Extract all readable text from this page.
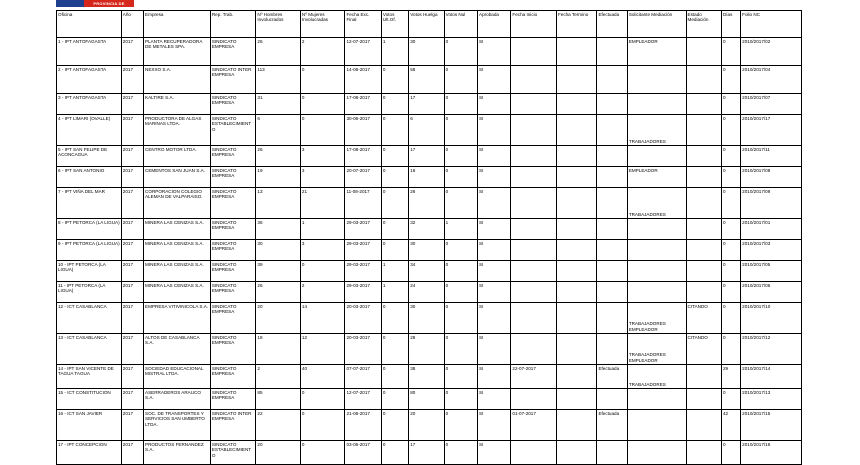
PROVINCIA DE
Oficina	Año	Empresa	Rep. Trab.	Nº Hombres Involucrados	Nº Mujeres Involucradas	Fecha Exc. Final	Votos Ult.Of.	Votos Huelga	Votos Nul	Aprobada	Fecha Inicio	Fecha Termino	Efectuada	Solicitante Mediación	Estado Mediación	Días	Folio NC
1 - IPT ANTOFAGASTA	2017	PLANTA RECUPERADORA DE METALES SPA.	SINDICATO EMPRESA	26	2	12-07-2017	1	30	0	SI				EMPLEADOR		0	2010/2017/02
2 - IPT ANTOFAGASTA	2017	NEXXO S.A.	SINDICATO INTER EMPRESA	113	0	14-06-2017	0	58	0	SI						0	2010/2017/04
3 - IPT ANTOFAGASTA	2017	KALTIRE S.A.	SINDICATO EMPRESA	31	0	17-08-2017	0	17	0	SI						0	2010/2017/07
4 - IPT LIMARI (OVALLE)	2017	PRODUCTORA DE ALGAS MARINAS LTDA.	SINDICATO ESTABLECIMIENTO	6	0	30-06-2017	0	6	0	SI				TRABAJADORES		0	2010/2017/17
5 - IPT SAN FELIPE DE ACONCAGUA	2017	CENTRO MOTOR LTDA.	SINDICATO EMPRESA	26	3	17-08-2017	0	17	0	SI						0	2010/2017/11
6 - IPT SAN ANTONIO	2017	CEMENTOS SAN JUAN S.A.	SINDICATO EMPRESA	19	3	20-07-2017	0	16	0	SI				EMPLEADOR		0	2010/2017/08
7 - IPT VIÑA DEL MAR	2017	CORPORACION COLEGIO ALEMAN DE VALPARAISO.	SINDICATO EMPRESA	13	21	11-08-2017	0	26	0	SI				TRABAJADORES		0	2010/2017/09
8 - IPT PETORCA (LA LIGUA)	2017	MINERA LAS CENIZAS S.A.	SINDICATO EMPRESA	36	1	29-03-2017	0	32	1	SI						0	2010/2017/01
9 - IPT PETORCA (LA LIGUA)	2017	MINERA LAS CENIZAS S.A.	SINDICATO EMPRESA	30	3	29-03-2017	0	30	0	SI						0	2010/2017/03
10 - IPT PETORCA (LA LIGUA)	2017	MINERA LAS CENIZAS S.A.	SINDICATO EMPRESA	39	0	29-03-2017	1	34	0	SI						0	2010/2017/05
11 - IPT PETORCA (LA LIGUA)	2017	MINERA LAS CENIZAS S.A.	SINDICATO EMPRESA	26	2	29-03-2017	1	24	0	SI						0	2010/2017/06
12 - ICT CASABLANCA	2017	EMPRESA VITIVINICOLA S.A.	SINDICATO EMPRESA	20	14	20-03-2017	0	30	0	SI				TRABAJADORES EMPLEADOR	CITANDO	0	2010/2017/10
13 - ICT CASABLANCA	2017	ALTOS DE CASABLANCA S.A.	SINDICATO EMPRESA	18	12	20-03-2017	0	28	0	SI				TRABAJADORES EMPLEADOR	CITANDO	0	2010/2017/12
14 - IPT SAN VICENTE DE TAGUA TAGUA	2017	SOCIEDAD EDUCACIONAL MISTRAL LTDA.	SINDICATO EMPRESA	2	40	07-07-2017	0	38	0	SI	22-07-2017		Efectuada	TRABAJADORES		29	2010/2017/14
15 - ICT CONSTITUCION	2017	ASERRADEROS ARAUCO S.A.	SINDICATO EMPRESA	85	0	12-07-2017	0	80	0	SI						0	2010/2017/13
16 - ICT SAN JAVIER	2017	SOC. DE TRANSPORTES Y SERVICIOS SAN UMBERTO LTDA.	SINDICATO INTER EMPRESA	22	0	21-06-2017	0	20	0	SI	01-07-2017		Efectuada			42	2010/2017/15
17 - IPT CONCEPCION	2017	PRODUCTOS FERNANDEZ S.A.	SINDICATO ESTABLECIMIENTO	20	0	03-05-2017	0	17	0	SI						0	2010/2017/16
